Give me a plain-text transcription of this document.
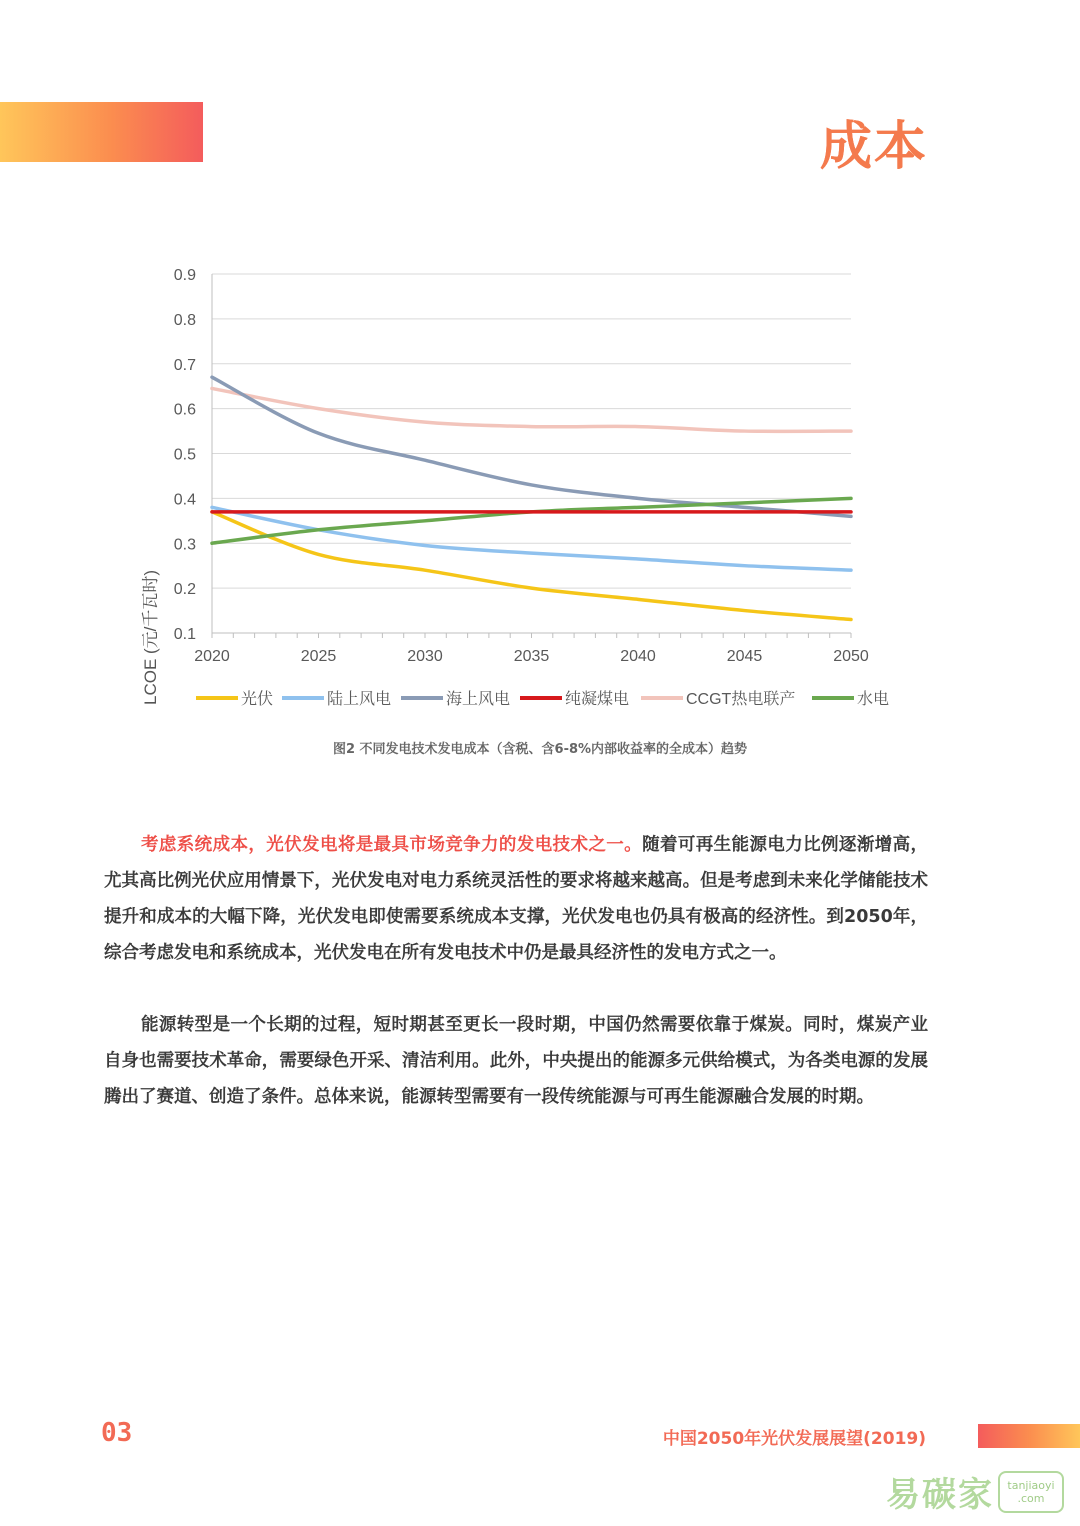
成本
2020	2025	2030	2035	2040	2045	2050
0.1
0.2
0.3
0.4
0.5
0.6
0.7
0.8
0.9
LCOE (元/千瓦时)	光伏	陆上风电	海上风电	纯凝煤电	CCGT热电联产	水电
图2 不同发电技术发电成本（含税、含6-8%内部收益率的全成本）趋势

考虑系统成本，光伏发电将是最具市场竞争力的发电技术之一。随着可再生能源电力比例逐渐增高，尤其高比例光伏应用情景下，光伏发电对电力系统灵活性的要求将越来越高。但是考虑到未来化学储能技术提升和成本的大幅下降，光伏发电即使需要系统成本支撑，光伏发电也仍具有极高的经济性。到2050年，综合考虑发电和系统成本，光伏发电在所有发电技术中仍是最具经济性的发电方式之一。

能源转型是一个长期的过程，短时期甚至更长一段时期，中国仍然需要依靠于煤炭。同时，煤炭产业自身也需要技术革命，需要绿色开采、清洁利用。此外，中央提出的能源多元供给模式，为各类电源的发展腾出了赛道、创造了条件。总体来说，能源转型需要有一段传统能源与可再生能源融合发展的时期。

03	中国2050年光伏发展展望(2019)
易碳家 tanjiaoyi
.com
